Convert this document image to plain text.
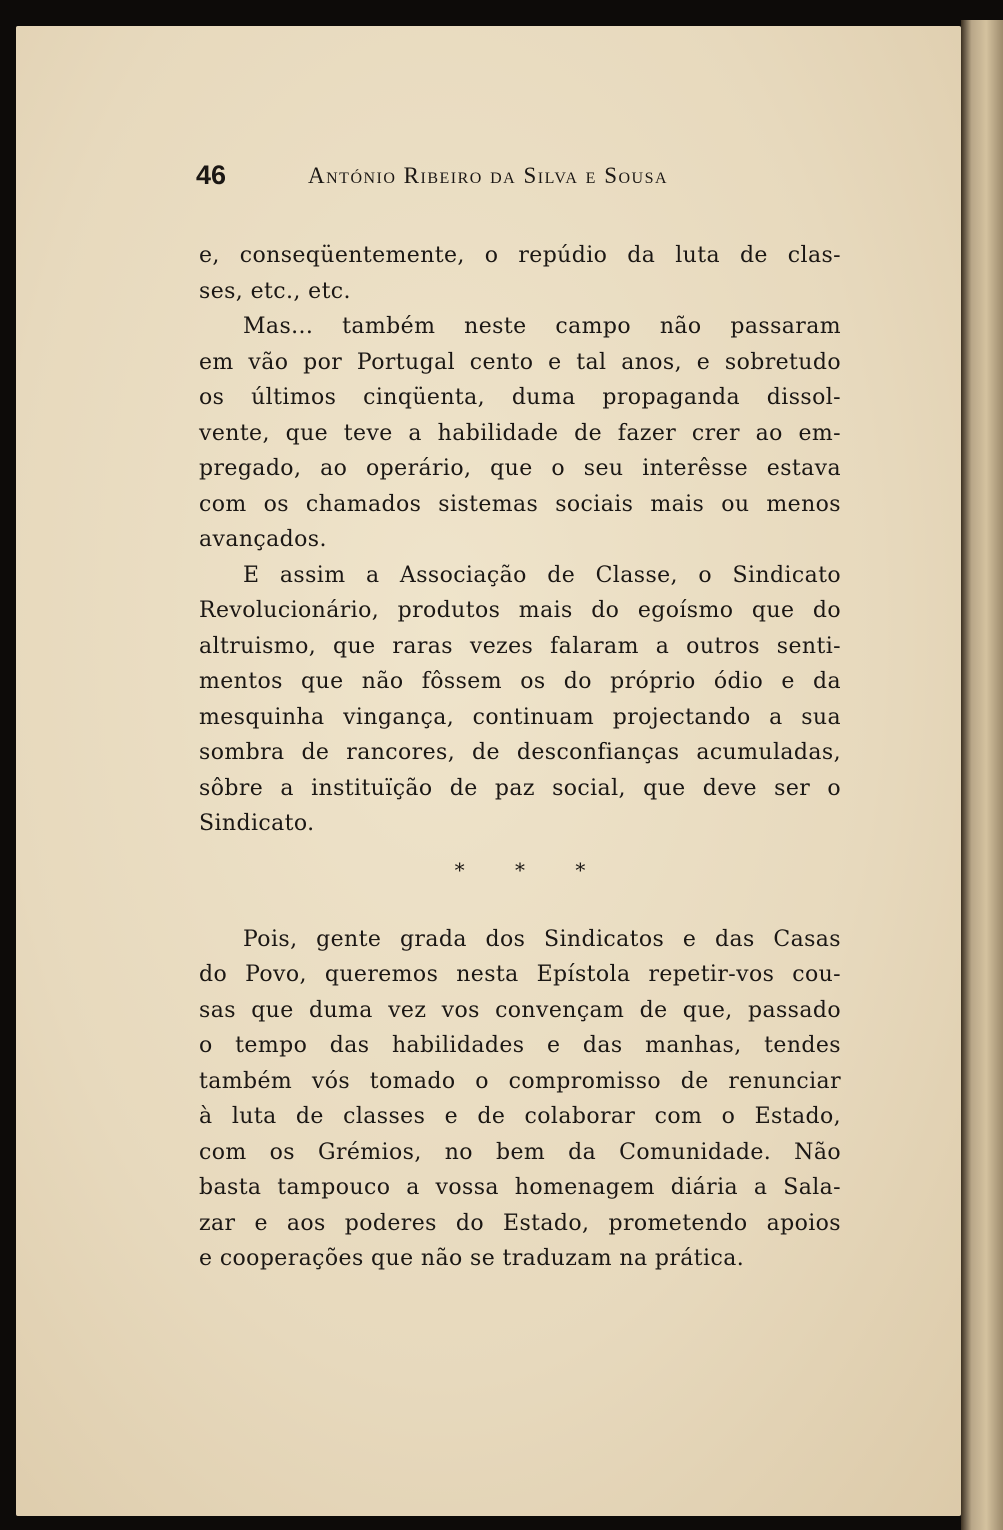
46	António Ribeiro da Silva e Sousa

e, conseqüentemente, o repúdio da luta de clas-

ses, etc., etc.

Mas... também neste campo não passaram

em vão por Portugal cento e tal anos, e sobretudo

os últimos cinqüenta, duma propaganda dissol-

vente, que teve a habilidade de fazer crer ao em-

pregado, ao operário, que o seu interêsse estava

com os chamados sistemas sociais mais ou menos

avançados.

E assim a Associação de Classe, o Sindicato

Revolucionário, produtos mais do egoísmo que do

altruismo, que raras vezes falaram a outros senti-

mentos que não fôssem os do próprio ódio e da

mesquinha vingança, continuam projectando a sua

sombra de rancores, de desconfianças acumuladas,

sôbre a instituïção de paz social, que deve ser o

Sindicato.

* * *

Pois, gente grada dos Sindicatos e das Casas

do Povo, queremos nesta Epístola repetir-vos cou-

sas que duma vez vos convençam de que, passado

o tempo das habilidades e das manhas, tendes

também vós tomado o compromisso de renunciar

à luta de classes e de colaborar com o Estado,

com os Grémios, no bem da Comunidade. Não

basta tampouco a vossa homenagem diária a Sala-

zar e aos poderes do Estado, prometendo apoios

e cooperações que não se traduzam na prática.
